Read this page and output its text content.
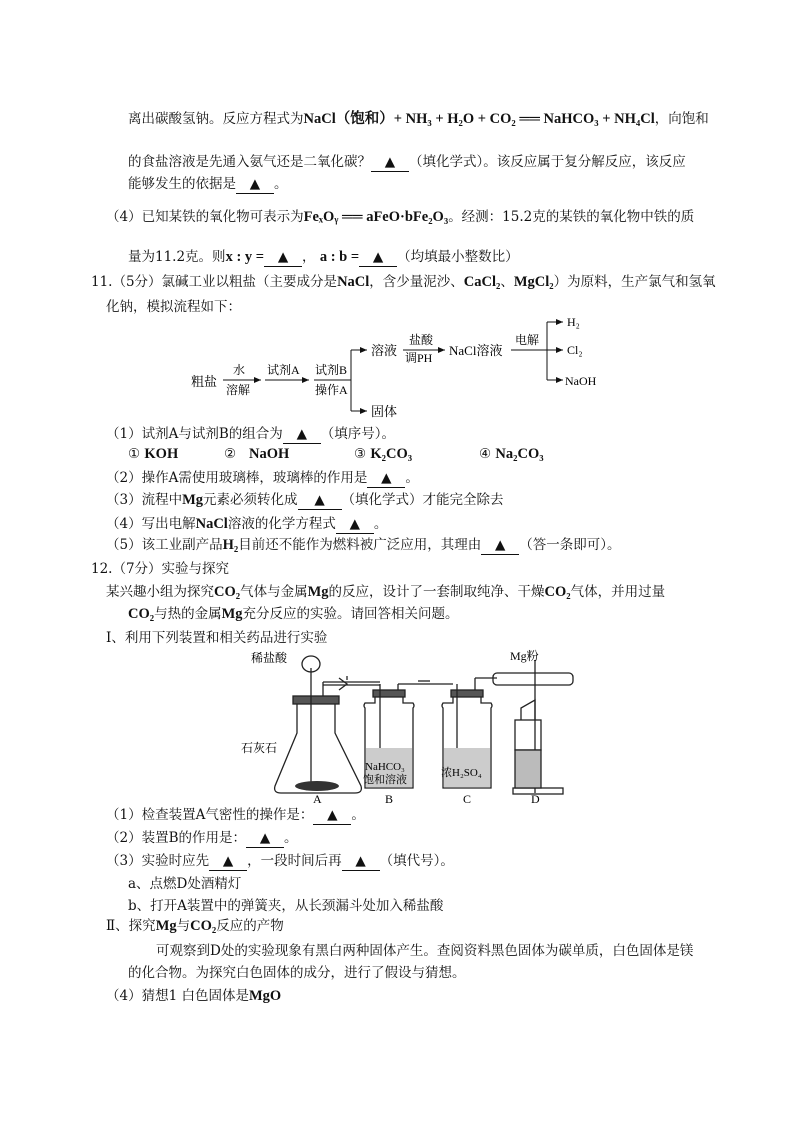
离出碳酸氢钠。反应方程式为NaCl（饱和）+ NH₃ + H₂O + CO₂ ══ NaHCO₃ + NH₄Cl，向饱和
的食盐溶液是先通入氨气还是二氧化碳？ ▲ （填化学式）。该反应属于复分解反应，该反应
能够发生的依据是 ▲ 。
（4）已知某铁的氧化物可表示为FeₓOᵧ ══ aFeO·bFe₂O₃。经测：15.2克的某铁的氧化物中铁的质
量为11.2克。则x : y = ▲ ， a : b = ▲ （均填最小整数比）
11.（5分）氯碱工业以粗盐（主要成分是NaCl，含少量泥沙、CaCl₂、MgCl₂）为原料，生产氯气和氢氧
化钠，模拟流程如下：
粗盐
水
溶解
试剂A 试剂B
操作A
溶液
固体
盐酸
调PH NaCl溶液
电解
H₂
Cl₂
NaOH
（1）试剂A与试剂B的组合为 ▲ （填序号）。
① KOH	② NaOH	③ K₂CO₃	④ Na₂CO₃
（2）操作A需使用玻璃棒，玻璃棒的作用是 ▲ 。
（3）流程中Mg元素必须转化成 ▲ （填化学式）才能完全除去
（4）写出电解NaCl溶液的化学方程式 ▲ 。
（5）该工业副产品H₂目前还不能作为燃料被广泛应用，其理由 ▲ （答一条即可）。
12.（7分）实验与探究
某兴趣小组为探究CO₂气体与金属Mg的反应，设计了一套制取纯净、干燥CO₂气体，并用过量
CO₂与热的金属Mg充分反应的实验。请回答相关问题。
Ⅰ、利用下列装置和相关药品进行实验
稀盐酸
石灰石
Mg粉
NaHCO₃
饱和溶液
浓H₂SO₄
A	B	C	D
（1）检查装置A气密性的操作是： ▲ 。
（2）装置B的作用是： ▲ 。
（3）实验时应先 ▲ ，一段时间后再 ▲ （填代号）。
a、点燃D处酒精灯
b、打开A装置中的弹簧夹，从长颈漏斗处加入稀盐酸
Ⅱ、探究Mg与CO₂反应的产物
可观察到D处的实验现象有黑白两种固体产生。查阅资料黑色固体为碳单质，白色固体是镁
的化合物。为探究白色固体的成分，进行了假设与猜想。
（4）猜想1 白色固体是MgO
